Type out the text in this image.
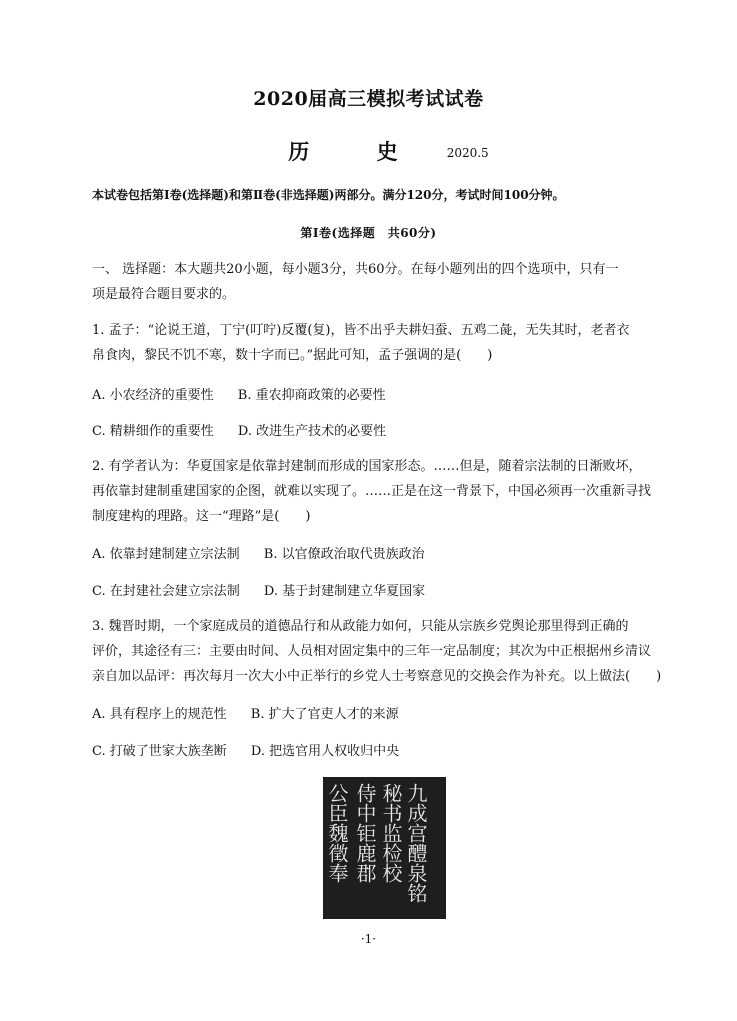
2020届高三模拟考试试卷
历 史 2020.5
本试卷包括第Ⅰ卷(选择题)和第Ⅱ卷(非选择题)两部分。满分120分，考试时间100分钟。
第Ⅰ卷(选择题　共60分)
一、 选择题：本大题共20小题，每小题3分，共60分。在每小题列出的四个选项中，只有一
项是最符合题目要求的。
1. 孟子：“论说王道，丁宁(叮咛)反覆(复)，皆不出乎夫耕妇蚕、五鸡二彘，无失其时，老者衣
帛食肉，黎民不饥不寒，数十字而已。”据此可知，孟子强调的是(　　)
A. 小农经济的重要性 B. 重农抑商政策的必要性
C. 精耕细作的重要性 D. 改进生产技术的必要性
2. 有学者认为：华夏国家是依靠封建制而形成的国家形态。……但是，随着宗法制的日渐败坏，
再依靠封建制重建国家的企图，就难以实现了。……正是在这一背景下，中国必须再一次重新寻找
制度建构的理路。这一“理路”是(　　)
A. 依靠封建制建立宗法制 B. 以官僚政治取代贵族政治
C. 在封建社会建立宗法制 D. 基于封建制建立华夏国家
3. 魏晋时期，一个家庭成员的道德品行和从政能力如何，只能从宗族乡党舆论那里得到正确的
评价，其途径有三：主要由时间、人员相对固定集中的三年一定品制度；其次为中正根据州乡清议
亲自加以品评：再次每月一次大小中正举行的乡党人士考察意见的交换会作为补充。以上做法(　　)
A. 具有程序上的规范性 B. 扩大了官吏人才的来源
C. 打破了世家大族垄断 D. 把选官用人权收归中央
九成宫醴泉铭
秘书监检校
侍中钜鹿郡
公臣魏徵奉
·1·
